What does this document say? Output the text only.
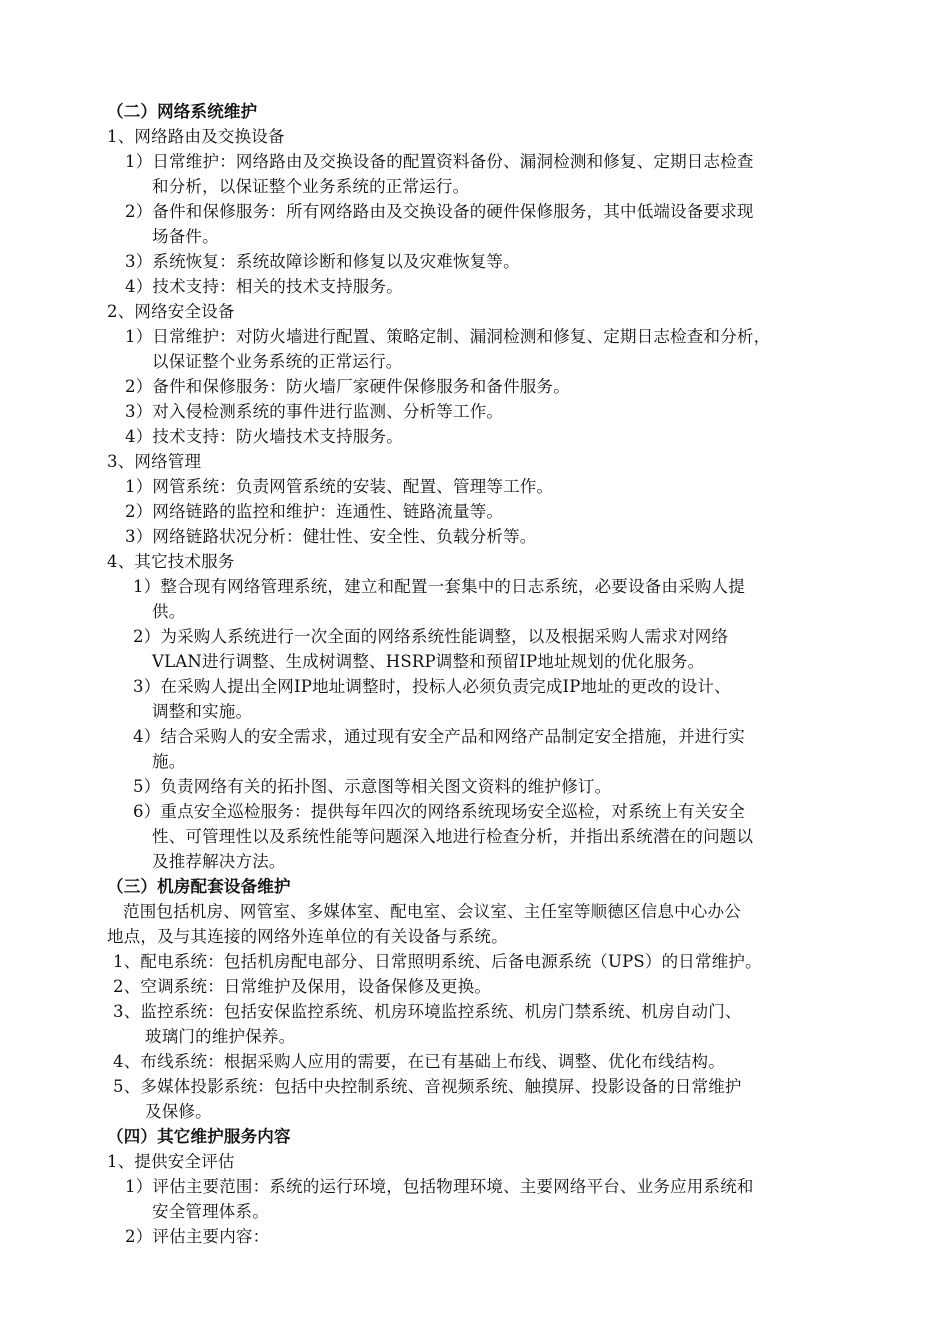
（二）网络系统维护
1、网络路由及交换设备
1）日常维护：网络路由及交换设备的配置资料备份、漏洞检测和修复、定期日志检查
和分析，以保证整个业务系统的正常运行。
2）备件和保修服务：所有网络路由及交换设备的硬件保修服务，其中低端设备要求现
场备件。
3）系统恢复：系统故障诊断和修复以及灾难恢复等。
4）技术支持：相关的技术支持服务。
2、网络安全设备
1）日常维护：对防火墙进行配置、策略定制、漏洞检测和修复、定期日志检查和分析，
以保证整个业务系统的正常运行。
2）备件和保修服务：防火墙厂家硬件保修服务和备件服务。
3）对入侵检测系统的事件进行监测、分析等工作。
4）技术支持：防火墙技术支持服务。
3、网络管理
1）网管系统：负责网管系统的安装、配置、管理等工作。
2）网络链路的监控和维护：连通性、链路流量等。
3）网络链路状况分析：健壮性、安全性、负载分析等。
4、其它技术服务
1）整合现有网络管理系统，建立和配置一套集中的日志系统，必要设备由采购人提
供。
2）为采购人系统进行一次全面的网络系统性能调整，以及根据采购人需求对网络
VLAN进行调整、生成树调整、HSRP调整和预留IP地址规划的优化服务。
3）在采购人提出全网IP地址调整时，投标人必须负责完成IP地址的更改的设计、
调整和实施。
4）结合采购人的安全需求，通过现有安全产品和网络产品制定安全措施，并进行实
施。
5）负责网络有关的拓扑图、示意图等相关图文资料的维护修订。
6）重点安全巡检服务：提供每年四次的网络系统现场安全巡检，对系统上有关安全
性、可管理性以及系统性能等问题深入地进行检查分析，并指出系统潜在的问题以
及推荐解决方法。
（三）机房配套设备维护
范围包括机房、网管室、多媒体室、配电室、会议室、主任室等顺德区信息中心办公
地点，及与其连接的网络外连单位的有关设备与系统。
1、配电系统：包括机房配电部分、日常照明系统、后备电源系统（UPS）的日常维护。
2、空调系统：日常维护及保用，设备保修及更换。
3、监控系统：包括安保监控系统、机房环境监控系统、机房门禁系统、机房自动门、
玻璃门的维护保养。
4、布线系统：根据采购人应用的需要，在已有基础上布线、调整、优化布线结构。
5、多媒体投影系统：包括中央控制系统、音视频系统、触摸屏、投影设备的日常维护
及保修。
（四）其它维护服务内容
1、提供安全评估
1）评估主要范围：系统的运行环境，包括物理环境、主要网络平台、业务应用系统和
安全管理体系。
2）评估主要内容：
